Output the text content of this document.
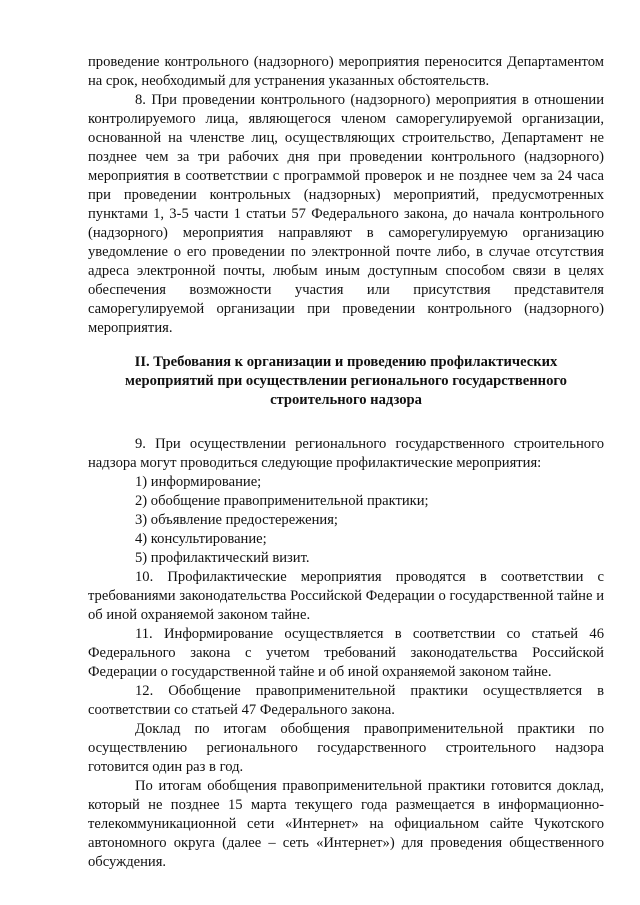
проведение контрольного (надзорного) мероприятия переносится Департаментом на срок, необходимый для устранения указанных обстоятельств.

8. При проведении контрольного (надзорного) мероприятия в отношении контролируемого лица, являющегося членом саморегулируемой организации, основанной на членстве лиц, осуществляющих строительство, Департамент не позднее чем за три рабочих дня при проведении контрольного (надзорного) мероприятия в соответствии с программой проверок и не позднее чем за 24 часа при проведении контрольных (надзорных) мероприятий, предусмотренных пунктами 1, 3-5 части 1 статьи 57 Федерального закона, до начала контрольного (надзорного) мероприятия направляют в саморегулируемую организацию уведомление о его проведении по электронной почте либо, в случае отсутствия адреса электронной почты, любым иным доступным способом связи в целях обеспечения возможности участия или присутствия представителя саморегулируемой организации при проведении контрольного (надзорного) мероприятия.

II. Требования к организации и проведению профилактических мероприятий при осуществлении регионального государственного строительного надзора

9. При осуществлении регионального государственного строительного надзора могут проводиться следующие профилактические мероприятия:

1) информирование;

2) обобщение правоприменительной практики;

3) объявление предостережения;

4) консультирование;

5) профилактический визит.

10. Профилактические мероприятия проводятся в соответствии с требованиями законодательства Российской Федерации о государственной тайне и об иной охраняемой законом тайне.

11. Информирование осуществляется в соответствии со статьей 46 Федерального закона с учетом требований законодательства Российской Федерации о государственной тайне и об иной охраняемой законом тайне.

12. Обобщение правоприменительной практики осуществляется в соответствии со статьей 47 Федерального закона.

Доклад по итогам обобщения правоприменительной практики по осуществлению регионального государственного строительного надзора готовится один раз в год.

По итогам обобщения правоприменительной практики готовится доклад, который не позднее 15 марта текущего года размещается в информационно-телекоммуникационной сети «Интернет» на официальном сайте Чукотского автономного округа (далее – сеть «Интернет») для проведения общественного обсуждения.
